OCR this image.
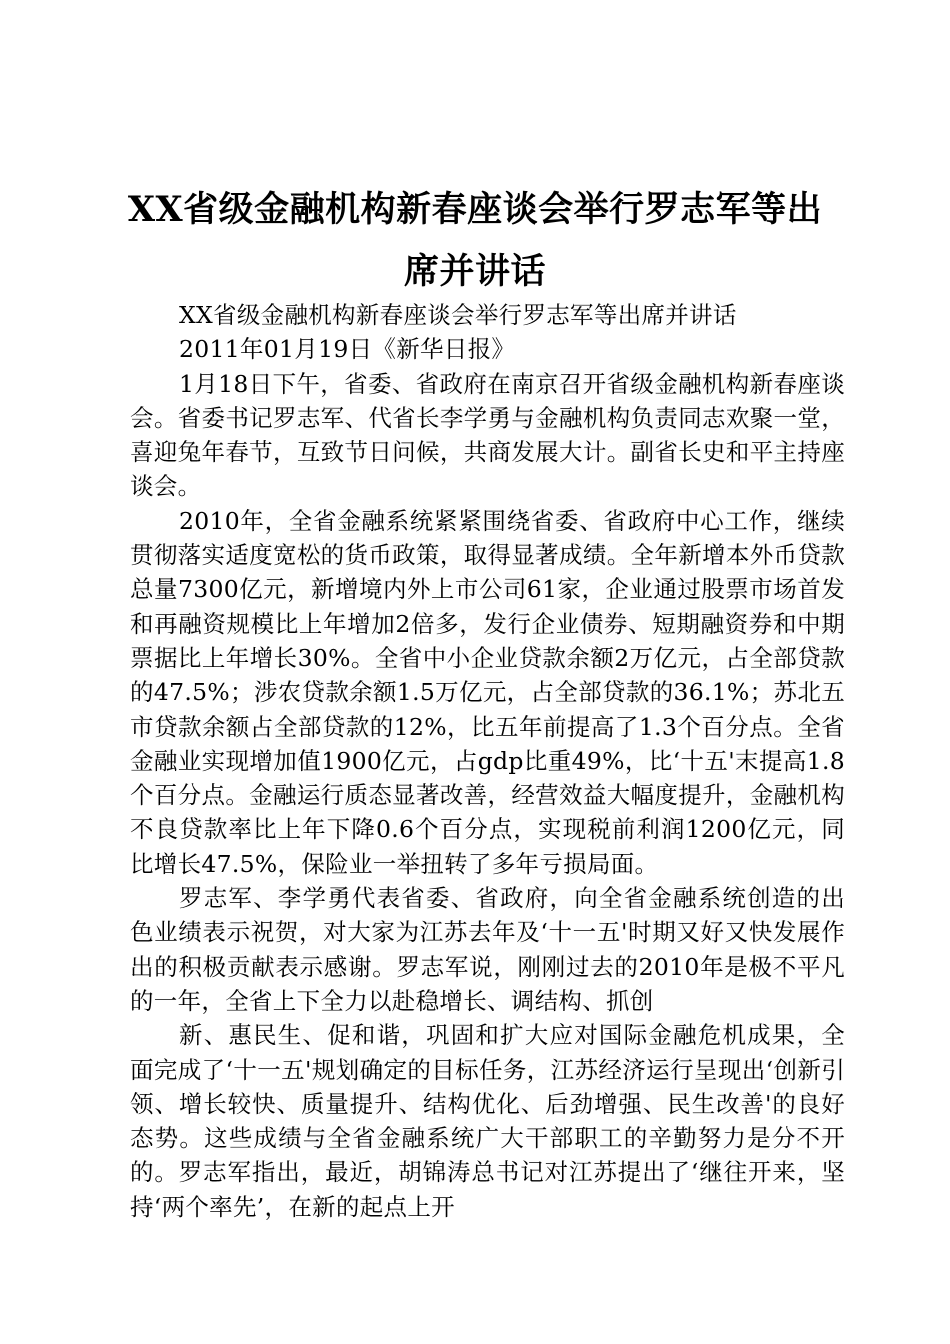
XX省级金融机构新春座谈会举行罗志军等出
席并讲话

XX省级金融机构新春座谈会举行罗志军等出席并讲话

2011年01月19日《新华日报》

1月18日下午，省委、省政府在南京召开省级金融机构新春座谈会。省委书记罗志军、代省长李学勇与金融机构负责同志欢聚一堂，喜迎兔年春节，互致节日问候，共商发展大计。副省长史和平主持座谈会。

2010年，全省金融系统紧紧围绕省委、省政府中心工作，继续贯彻落实适度宽松的货币政策，取得显著成绩。全年新增本外币贷款总量7300亿元，新增境内外上市公司61家，企业通过股票市场首发和再融资规模比上年增加2倍多，发行企业债券、短期融资券和中期票据比上年增长30%。全省中小企业贷款余额2万亿元，占全部贷款的47.5%；涉农贷款余额1.5万亿元，占全部贷款的36.1%；苏北五市贷款余额占全部贷款的12%，比五年前提高了1.3个百分点。全省金融业实现增加值1900亿元，占gdp比重49%，比‘十五'末提高1.8个百分点。金融运行质态显著改善，经营效益大幅度提升，金融机构不良贷款率比上年下降0.6个百分点，实现税前利润1200亿元，同比增长47.5%，保险业一举扭转了多年亏损局面。

罗志军、李学勇代表省委、省政府，向全省金融系统创造的出色业绩表示祝贺，对大家为江苏去年及‘十一五'时期又好又快发展作出的积极贡献表示感谢。罗志军说，刚刚过去的2010年是极不平凡的一年，全省上下全力以赴稳增长、调结构、抓创

新、惠民生、促和谐，巩固和扩大应对国际金融危机成果，全面完成了‘十一五'规划确定的目标任务，江苏经济运行呈现出‘创新引领、增长较快、质量提升、结构优化、后劲增强、民生改善'的良好态势。这些成绩与全省金融系统广大干部职工的辛勤努力是分不开的。罗志军指出，最近，胡锦涛总书记对江苏提出了‘继往开来，坚持‘两个率先’，在新的起点上开
